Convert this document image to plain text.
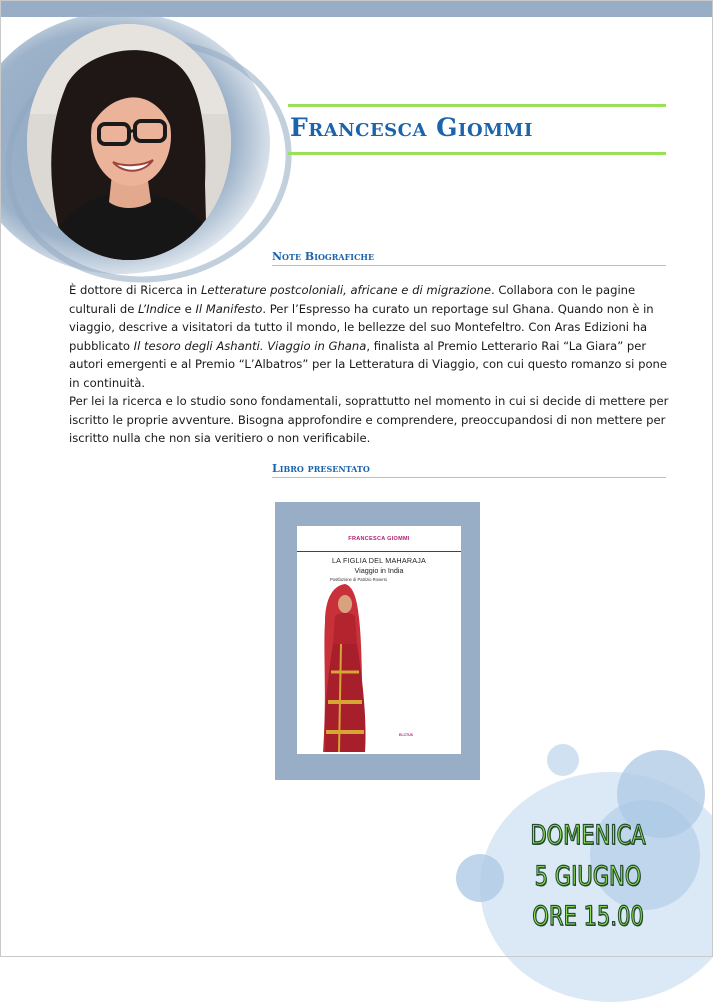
Francesca Giommi
Note Biografiche

È dottore di Ricerca in Letterature postcoloniali, africane e di migrazione. Collabora con le pagine culturali de L’Indice e Il Manifesto. Per l’Espresso ha curato un reportage sul Ghana. Quando non è in viaggio, descrive a visitatori da tutto il mondo, le bellezze del suo Montefeltro. Con Aras Edizioni ha pubblicato Il tesoro degli Ashanti. Viaggio in Ghana, finalista al Premio Letterario Rai “La Giara” per autori emergenti e al Premio “L’Albatros” per la Letteratura di Viaggio, con cui questo romanzo si pone in continuità.

Per lei la ricerca e lo studio sono fondamentali, soprattutto nel momento in cui si decide di mettere per iscritto le proprie avventure. Bisogna approfondire e comprendere, preoccupandosi di non mettere per iscritto nulla che non sia veritiero o non verificabile.

Libro presentato
FRANCESCA GIOMMI
LA FIGLIA DEL MAHARAJA
Viaggio in India
Postfazione di Patrizio Roversi
ELCTUS
DOMENICA
5 GIUGNO
ORE 15.00
